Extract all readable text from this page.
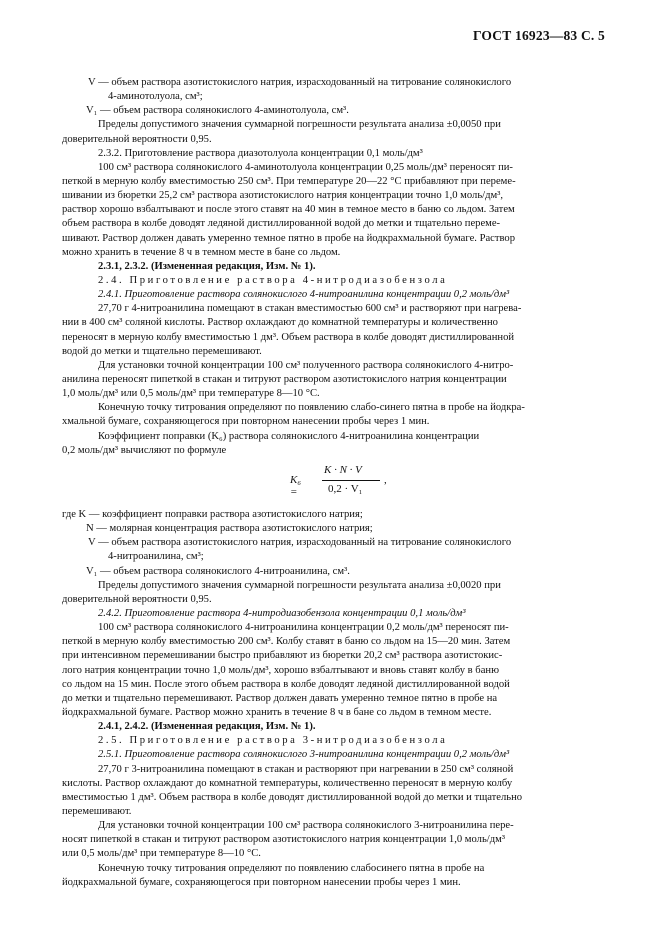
ГОСТ 16923—83 С. 5
V — объем раствора азотистокислого натрия, израсходованный на титрование солянокислого
4-аминотолуола, см³;
V₁ — объем раствора солянокислого 4-аминотолуола, см³.
Пределы допустимого значения суммарной погрешности результата анализа ±0,0050 при
доверительной вероятности 0,95.
2.3.2. Приготовление раствора диазотолуола концентрации 0,1 моль/дм³
100 см³ раствора солянокислого 4-аминотолуола концентрации 0,25 моль/дм³ переносят пи-
петкой в мерную колбу вместимостью 250 см³. При температуре 20—22 °С прибавляют при переме-
шивании из бюретки 25,2 см³ раствора азотистокислого натрия концентрации точно 1,0 моль/дм³,
раствор хорошо взбалтывают и после этого ставят на 40 мин в темное место в баню со льдом. Затем
объем раствора в колбе доводят ледяной дистиллированной водой до метки и тщательно переме-
шивают. Раствор должен давать умеренно темное пятно в пробе на йодкрахмальной бумаге. Раствор
можно хранить в течение 8 ч в темном месте в бане со льдом.
2.3.1, 2.3.2. (Измененная редакция, Изм. № 1).
2.4. Приготовление раствора 4-нитродиазобензола
2.4.1. Приготовление раствора солянокислого 4-нитроанилина концентрации 0,2 моль/дм³
27,70 г 4-нитроанилина помещают в стакан вместимостью 600 см³ и растворяют при нагрева-
нии в 400 см³ соляной кислоты. Раствор охлаждают до комнатной температуры и количественно
переносят в мерную колбу вместимостью 1 дм³. Объем раствора в колбе доводят дистиллированной
водой до метки и тщательно перемешивают.
Для установки точной концентрации 100 см³ полученного раствора солянокислого 4-нитро-
анилина переносят пипеткой в стакан и титруют раствором азотистокислого натрия концентрации
1,0 моль/дм³ или 0,5 моль/дм³ при температуре 8—10 °С.
Конечную точку титрования определяют по появлению слабо-синего пятна в пробе на йодкра-
хмальной бумаге, сохраняющегося при повторном нанесении пробы через 1 мин.
Коэффициент поправки (K₆) раствора солянокислого 4-нитроанилина концентрации
0,2 моль/дм³ вычисляют по формуле
K₆ =
K · N · V
0,2 · V₁
,
где K — коэффициент поправки раствора азотистокислого натрия;
N — молярная концентрация раствора азотистокислого натрия;
V — объем раствора азотистокислого натрия, израсходованный на титрование солянокислого
4-нитроанилина, см³;
V₁ — объем раствора солянокислого 4-нитроанилина, см³.
Пределы допустимого значения суммарной погрешности результата анализа ±0,0020 при
доверительной вероятности 0,95.
2.4.2. Приготовление раствора 4-нитродиазобензола концентрации 0,1 моль/дм³
100 см³ раствора солянокислого 4-нитроанилина концентрации 0,2 моль/дм³ переносят пи-
петкой в мерную колбу вместимостью 200 см³. Колбу ставят в баню со льдом на 15—20 мин. Затем
при интенсивном перемешивании быстро прибавляют из бюретки 20,2 см³ раствора азотистокис-
лого натрия концентрации точно 1,0 моль/дм³, хорошо взбалтывают и вновь ставят колбу в баню
со льдом на 15 мин. После этого объем раствора в колбе доводят ледяной дистиллированной водой
до метки и тщательно перемешивают. Раствор должен давать умеренно темное пятно в пробе на
йодкрахмальной бумаге. Раствор можно хранить в течение 8 ч в бане со льдом в темном месте.
2.4.1, 2.4.2. (Измененная редакция, Изм. № 1).
2.5. Приготовление раствора 3-нитродиазобензола
2.5.1. Приготовление раствора солянокислого 3-нитроанилина концентрации 0,2 моль/дм³
27,70 г 3-нитроанилина помещают в стакан и растворяют при нагревании в 250 см³ соляной
кислоты. Раствор охлаждают до комнатной температуры, количественно переносят в мерную колбу
вместимостью 1 дм³. Объем раствора в колбе доводят дистиллированной водой до метки и тщательно
перемешивают.
Для установки точной концентрации 100 см³ раствора солянокислого 3-нитроанилина пере-
носят пипеткой в стакан и титруют раствором азотистокислого натрия концентрации 1,0 моль/дм³
или 0,5 моль/дм³ при температуре 8—10 °С.
Конечную точку титрования определяют по появлению слабосинего пятна в пробе на
йодкрахмальной бумаге, сохраняющегося при повторном нанесении пробы через 1 мин.
